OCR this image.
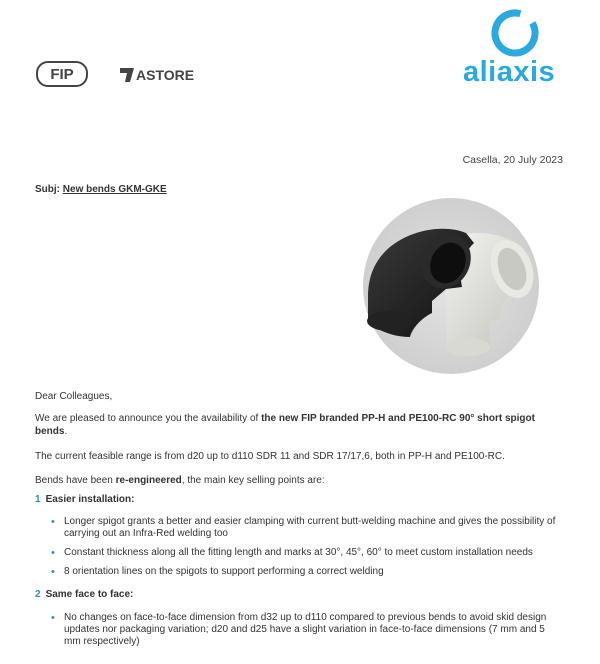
FIP	ASTORE	aliaxis
Casella, 20 July 2023
Subj: New bends GKM-GKE
Dear Colleagues,
We are pleased to announce you the availability of the new FIP branded PP-H and PE100-RC 90° short spigot bends.
The current feasible range is from d20 up to d110 SDR 11 and SDR 17/17,6, both in PP-H and PE100-RC.
Bends have been re-engineered, the main key selling points are:
1 Easier installation:
• Longer spigot grants a better and easier clamping with current butt-welding machine and gives the possibility of carrying out an Infra-Red welding too
• Constant thickness along all the fitting length and marks at 30°, 45°, 60° to meet custom installation needs
• 8 orientation lines on the spigots to support performing a correct welding
2 Same face to face:
• No changes on face-to-face dimension from d32 up to d110 compared to previous bends to avoid skid design updates nor packaging variation; d20 and d25 have a slight variation in face-to-face dimensions (7 mm and 5 mm respectively)
